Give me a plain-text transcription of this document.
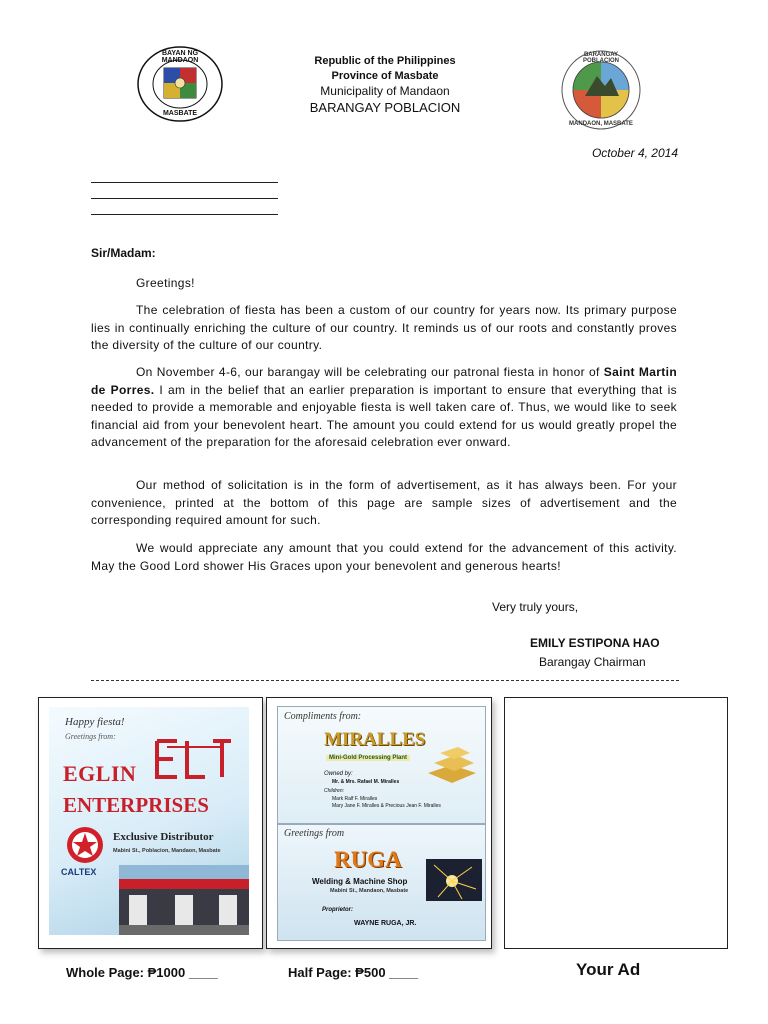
BAYAN NG MANDAON
MASBATE
BARANGAY POBLACION
MANDAON, MASBATE
Republic of the Philippines
Province of Masbate
Municipality of Mandaon
BARANGAY POBLACION
October 4, 2014
Sir/Madam:
Greetings!
The celebration of fiesta has been a custom of our country for years now. Its primary purpose lies in continually enriching the culture of our country. It reminds us of our roots and constantly proves the diversity of the culture of our country.
On November 4-6, our barangay will be celebrating our patronal fiesta in honor of Saint Martin de Porres. I am in the belief that an earlier preparation is important to ensure that everything that is needed to provide a memorable and enjoyable fiesta is well taken care of. Thus, we would like to seek financial aid from your benevolent heart. The amount you could extend for us would greatly propel the advancement of the preparation for the aforesaid celebration ever onward.
Our method of solicitation is in the form of advertisement, as it has always been. For your convenience, printed at the bottom of this page are sample sizes of advertisement and the corresponding required amount for such.
We would appreciate any amount that you could extend for the advancement of this activity. May the Good Lord shower His Graces upon your benevolent and generous hearts!
Very truly yours,
EMILY ESTIPONA HAO
Barangay Chairman
Happy fiesta!
Greetings from:
EGLIN
ENTERPRISES
CALTEX
Exclusive Distributor
Mabini St., Poblacion, Mandaon, Masbate
Compliments from:
MIRALLES
Mini-Gold Processing Plant
Owned by:
Mr. & Mrs. Rafael M. Miralles
Children:
Mark Ralf F. Miralles
Mary Jane F. Miralles & Precious Jean F. Miralles
Greetings from
RUGA
Welding & Machine Shop
Mabini St., Mandaon, Masbate
Proprietor:
WAYNE RUGA, JR.
Whole Page: ₱1000 ____	Half Page: ₱500 ____	Your Ad
